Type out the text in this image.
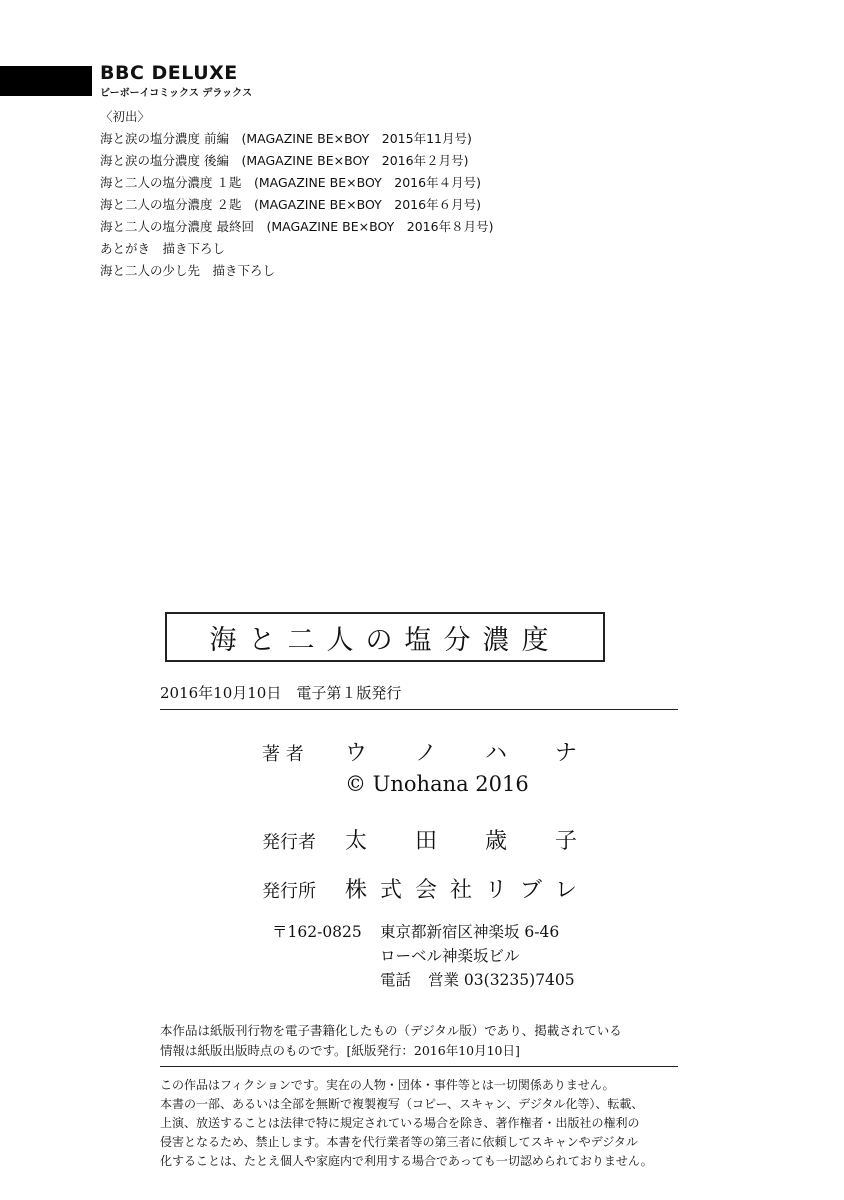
BBC DELUXE
ビーボーイコミックス デラックス
〈初出〉
海と涙の塩分濃度 前編　(MAGAZINE BE×BOY　2015年11月号)
海と涙の塩分濃度 後編　(MAGAZINE BE×BOY　2016年２月号)
海と二人の塩分濃度 １匙　(MAGAZINE BE×BOY　2016年４月号)
海と二人の塩分濃度 ２匙　(MAGAZINE BE×BOY　2016年６月号)
海と二人の塩分濃度 最終回　(MAGAZINE BE×BOY　2016年８月号)
あとがき　描き下ろし
海と二人の少し先　描き下ろし
海と二人の塩分濃度
2016年10月10日　電子第１版発行
著 者 ウ ノ ハ ナ
© Unohana 2016
発行者 太 田 歳 子
発行所 株 式 会 社 リ ブ レ
〒162-0825 東京都新宿区神楽坂 6-46
ローベル神楽坂ビル
電話 営業 03(3235)7405
本作品は紙版刊行物を電子書籍化したもの（デジタル版）であり、掲載されている
情報は紙版出版時点のものです。[紙版発行：2016年10月10日]
この作品はフィクションです。実在の人物・団体・事件等とは一切関係ありません。
本書の一部、あるいは全部を無断で複製複写（コピー、スキャン、デジタル化等）、転載、
上演、放送することは法律で特に規定されている場合を除き、著作権者・出版社の権利の
侵害となるため、禁止します。本書を代行業者等の第三者に依頼してスキャンやデジタル
化することは、たとえ個人や家庭内で利用する場合であっても一切認められておりません。
